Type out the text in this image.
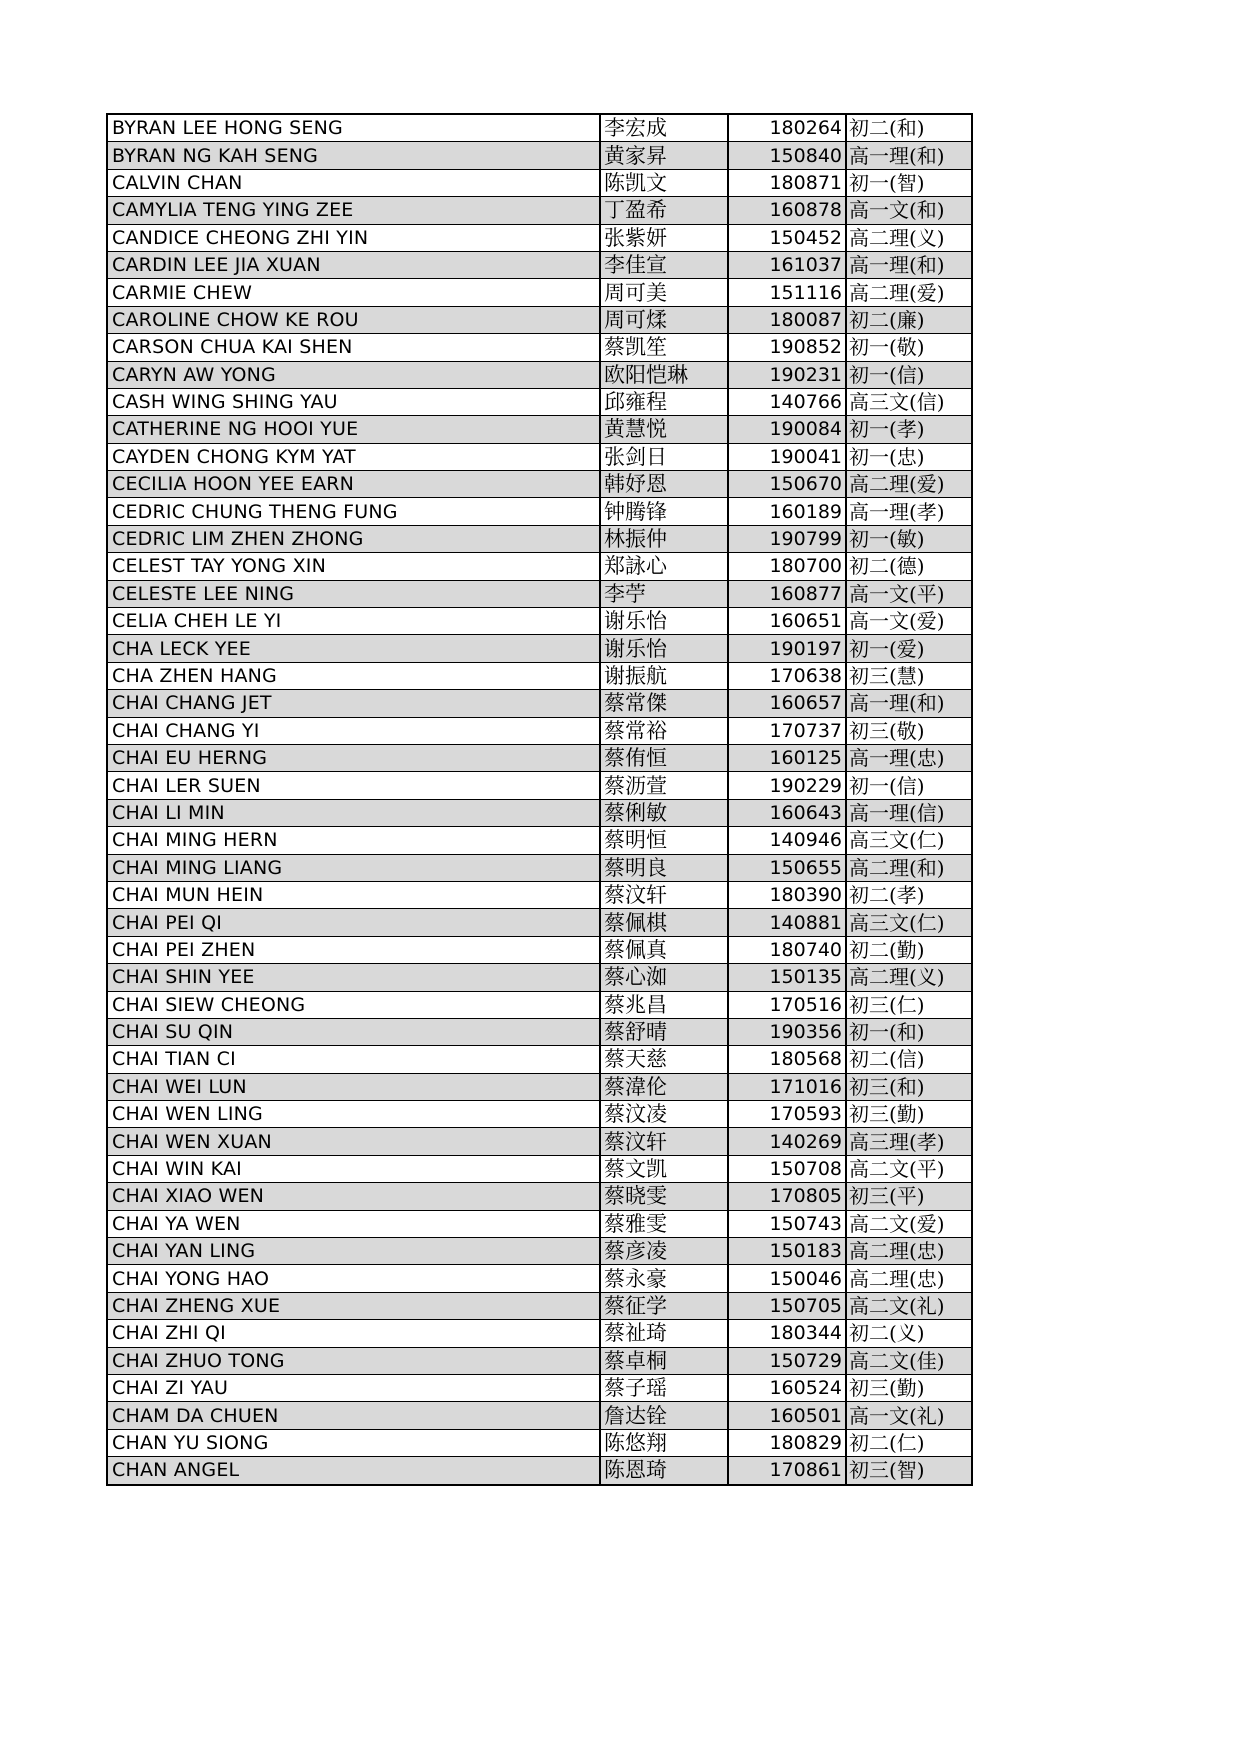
BYRAN LEE HONG SENG	李宏成	180264	初二(和)
BYRAN NG KAH SENG	黄家昇	150840	高一理(和)
CALVIN CHAN	陈凯文	180871	初一(智)
CAMYLIA TENG YING ZEE	丁盈希	160878	高一文(和)
CANDICE CHEONG ZHI YIN	张紫妍	150452	高二理(义)
CARDIN LEE JIA XUAN	李佳宣	161037	高一理(和)
CARMIE CHEW	周可美	151116	高二理(爱)
CAROLINE CHOW KE ROU	周可煣	180087	初二(廉)
CARSON CHUA KAI SHEN	蔡凯笙	190852	初一(敬)
CARYN AW YONG	欧阳恺琳	190231	初一(信)
CASH WING SHING YAU	邱雍程	140766	高三文(信)
CATHERINE NG HOOI YUE	黄慧悦	190084	初一(孝)
CAYDEN CHONG KYM YAT	张剑日	190041	初一(忠)
CECILIA HOON YEE EARN	韩妤恩	150670	高二理(爱)
CEDRIC CHUNG THENG FUNG	钟腾锋	160189	高一理(孝)
CEDRIC LIM ZHEN ZHONG	林振仲	190799	初一(敏)
CELEST TAY YONG XIN	郑詠心	180700	初二(德)
CELESTE LEE NING	李苧	160877	高一文(平)
CELIA CHEH LE YI	谢乐怡	160651	高一文(爱)
CHA LECK YEE	谢乐怡	190197	初一(爱)
CHA ZHEN HANG	谢振航	170638	初三(慧)
CHAI CHANG JET	蔡常傑	160657	高一理(和)
CHAI CHANG YI	蔡常裕	170737	初三(敬)
CHAI EU HERNG	蔡侑恒	160125	高一理(忠)
CHAI LER SUEN	蔡沥萱	190229	初一(信)
CHAI LI MIN	蔡俐敏	160643	高一理(信)
CHAI MING HERN	蔡明恒	140946	高三文(仁)
CHAI MING LIANG	蔡明良	150655	高二理(和)
CHAI MUN HEIN	蔡汶轩	180390	初二(孝)
CHAI PEI QI	蔡佩棋	140881	高三文(仁)
CHAI PEI ZHEN	蔡佩真	180740	初二(勤)
CHAI SHIN YEE	蔡心洳	150135	高二理(义)
CHAI SIEW CHEONG	蔡兆昌	170516	初三(仁)
CHAI SU QIN	蔡舒晴	190356	初一(和)
CHAI TIAN CI	蔡天慈	180568	初二(信)
CHAI WEI LUN	蔡湋伦	171016	初三(和)
CHAI WEN LING	蔡汶凌	170593	初三(勤)
CHAI WEN XUAN	蔡汶轩	140269	高三理(孝)
CHAI WIN KAI	蔡文凯	150708	高二文(平)
CHAI XIAO WEN	蔡晓雯	170805	初三(平)
CHAI YA WEN	蔡雅雯	150743	高二文(爱)
CHAI YAN LING	蔡彦凌	150183	高二理(忠)
CHAI YONG HAO	蔡永豪	150046	高二理(忠)
CHAI ZHENG XUE	蔡征学	150705	高二文(礼)
CHAI ZHI QI	蔡祉琦	180344	初二(义)
CHAI ZHUO TONG	蔡卓桐	150729	高二文(佳)
CHAI ZI YAU	蔡子瑶	160524	初三(勤)
CHAM DA CHUEN	詹达铨	160501	高一文(礼)
CHAN YU SIONG	陈悠翔	180829	初二(仁)
CHAN ANGEL	陈恩琦	170861	初三(智)
